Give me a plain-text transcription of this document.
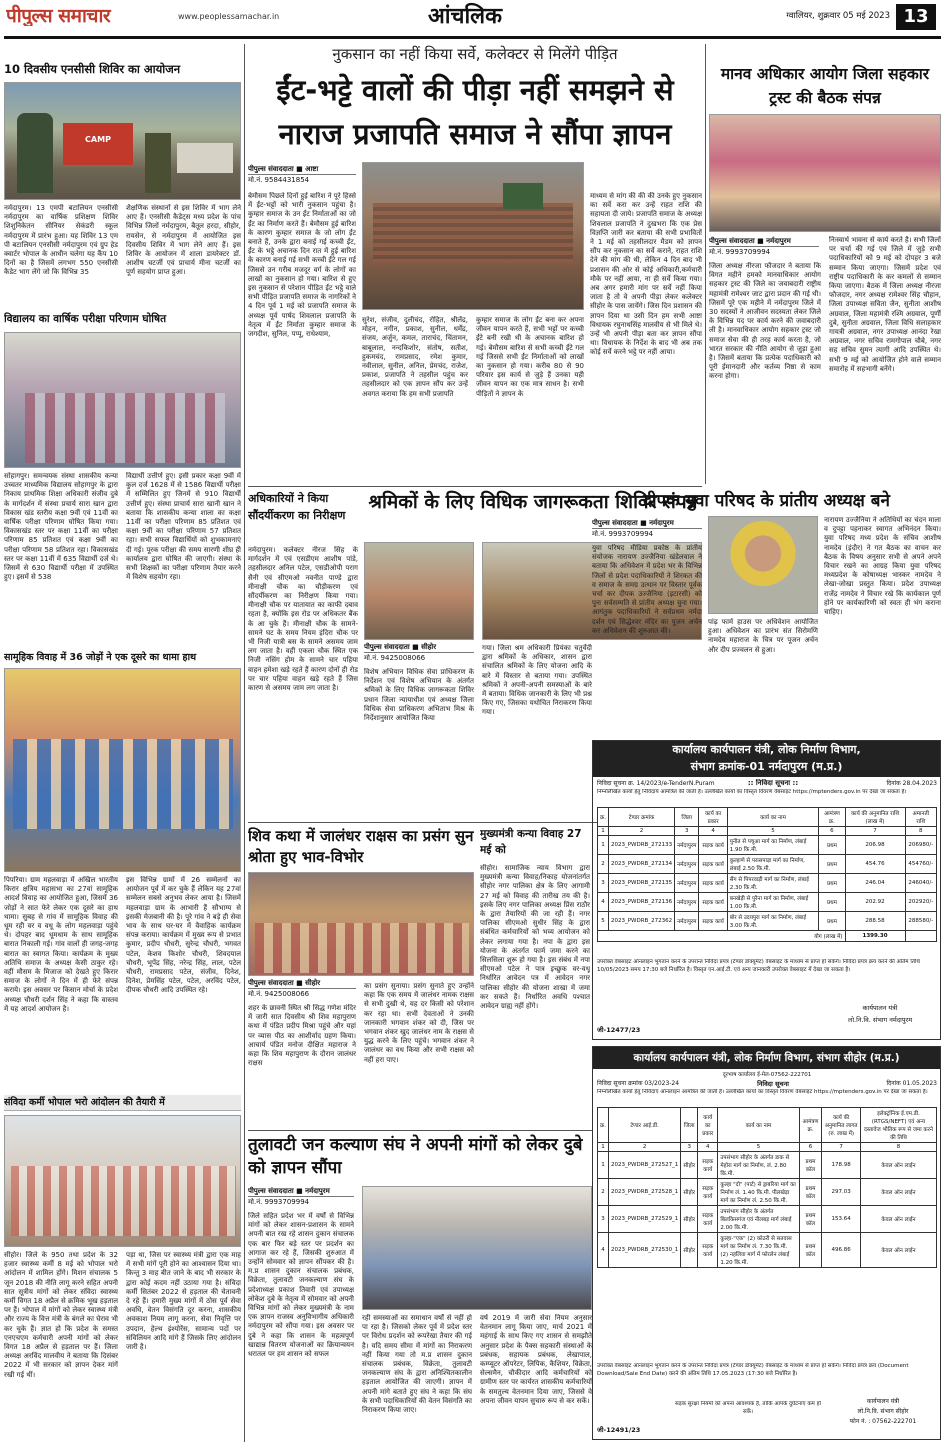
पीपुल्स समाचार	www.peoplessamachar.in	आंचलिक	ग्वालियर, शुक्रवार 05 मई 2023 13
10 दिवसीय एनसीसी शिविर का आयोजन
CAMP
नर्मदापुरम। 13 एमपी बटालियन एनसीसी नर्मदापुरम का वार्षिक प्रशिक्षण शिविर शिशुनिकेतन सीनियर सेकंडरी स्कूल नर्मदापुरम में प्रारंभ हुआ। यह शिविर 13 एम पी बटालियन एनसीसी नर्मदापुरम एवं ग्रुप हेड क्वार्टर भोपाल के आधीन चलेगा यह कैंप 10 दिनों का है जिसमें लगभग 550 एनसीसी कैडेट भाग लेंगे जो कि विभिन्न 35
शैक्षणिक संस्थानों से इस शिविर में भाग लेने आए हैं। एनसीसी कैडेट्स मध्य प्रदेश के पांच विभिन्न जिलों नर्मदापुरम, बैतूल हरदा, सीहोर, रायसेन, से नर्मदापुरम में आयोजित इस दिवसीय शिविर में भाग लेने आए हैं। इस शिविर के आयोजन में शाला डायरेक्टर डॉ. आशीष चटर्जी एवं प्राचार्य मीना चटर्जी का पूर्ण सहयोग प्राप्त हुआ।
विद्यालय का वार्षिक परीक्षा परिणाम घोषित
सोहागपुर। समन्वयक संस्था शासकीय कन्या उच्चतर माध्यमिक विद्यालय सोहागपुर के द्वारा निकाय प्राथमिक शिक्षा अधिकारी संजीव दुबे के मार्गदर्शन में संस्था प्रचार्य सारा खान द्वारा विकास खंड स्तरीय कक्षा 9वीं एवं 11वीं का वार्षिक परीक्षा परिणाम घोषित किया गया। विकासखंड स्तर पर कक्षा 11वीं का परीक्षा परिणाम 85 प्रतिशत एवं कक्षा 9वीं का परीक्षा परिणाम 58 प्रतिशत रहा। विकासखंड स्तर पर कक्षा 11वीं में 635 विद्यार्थी दर्ज थे। जिसमें से 630 विद्यार्थी परीक्षा में उपस्थित हुए। इसमें से 538
विद्यार्थी उत्तीर्ण हुए। इसी प्रकार कक्षा 9वीं में कुल दर्ज 1628 में से 1586 विद्यार्थी परीक्षा में सम्मिलित हुए जिनमें से 910 विद्यार्थी उत्तीर्ण हुए। संस्था प्राचार्य सारा खानी खान ने बताया कि शासकीय कन्या शाला का कक्षा 11वीं का परीक्षा परिणाम 85 प्रतिशत एवं कक्षा 9वीं का परीक्षा परिणाम 57 प्रतिशत रहा। सभी सफल विद्यार्थियों को शुभकामनाएं दी गई। पूरक परीक्षा की समय सारणी शीघ्र ही कार्यालय द्वारा घोषित की जाएगी। संस्था के सभी शिक्षकों का परीक्षा परिणाम तैयार करने में विशेष सहयोग रहा।
सामूहिक विवाह में 36 जोड़ों ने एक दूसरे का थामा हाथ
पिपरिया। ग्राम महलवाड़ा में अखिल भारतीय किरार क्षत्रिय महासभा का 27वां सामूहिक आदर्श विवाह का आयोजित हुआ, जिसमें 36 जोड़ों ने सात फेरे लेकर एक दूसरे का हाथ थामा। सुबह से गांव में सामूहिक विवाह की धूम रही वर व वधू के लोग महलवाड़ा पहुंचे थे। दोपहर बाद धूमधाम के साथ सामूहिक बारात निकाली गई। गांव वालों ही जगह-जगह बारात का स्वागत किया। कार्यक्रम के मुख्य अतिथि समाज के अध्यक्ष केसी ठाकुर रहे। वहीं मौसम के मिजाज को देखते हुए किरार समाज के लोगों ने दिन में ही फेरे संपन्न कराये। इस अवसर पर किसान मोर्चा के प्रदेश अध्यक्ष चौधरी दर्शन सिंह ने कहा कि वास्तव में यह आदर्श आयोजन है।
इस विभिन्न ग्रामों में 26 सम्मेलनों का आयोजन पूर्व में कर चुके हैं लेकिन यह 27वां सम्मेलन सबसे अनुभव लेकर आया है। जिसमें महलवाड़ा ग्राम के आभारी हैं सौभाग्य से इसकी मेजबानी की है। पूरे गांव ने बड़े ही सेवा भाव के साथ घर-घर में वैवाहिक कार्यक्रम संपन्न कराया। कार्यक्रम में मुख्य रूप से प्रभात कुमार, प्रदीप चौधरी, सुरेन्द्र चौधरी, भगवत पटेल, केशव किशोर चौधरी, शिवदयाल चौधरी, भूपेंद्र सिंह, नरेन्द्र सिंह, लाल, पटेल चौधरी, रामप्रसाद पटेल, संजीव, दिनेश, दिनेश, प्रेमसिंह पटेल, पटेल, अरविंद पटेल, दीपक चौधरी आदि उपस्थित रहे।
संविदा कर्मी भोपाल भरो आंदोलन की तैयारी में
सीहोर। जिले के 950 तथा प्रदेश के 32 हजार स्वास्थ्य कर्मी 8 मई को भोपाल भरो आंदोलन में शामिल होंगे। मिशन संचालक 5 जून 2018 की नीति लागू करने सहित अपनी सात सूत्रीय मांगों को लेकर संविदा स्वास्थ्य कर्मी विगत 18 अप्रैल से क्रमिक भूख हड़ताल पर हैं। भोपाल में मांगों को लेकर स्वास्थ्य मंत्री और राज्य के वित्त मंत्री के बंगले का घेराव भी कर चुके हैं। ज्ञात हो कि प्रदेश के समस्त एनएचएम कर्मचारी अपनी मांगों को लेकर विगत 18 अप्रैल से हड़ताल पर हैं। जिला अध्यक्ष अरविंद मालवीय ने बताया कि दिसंबर 2022 में भी सरकार को ज्ञापन देकर मांगें रखी गई थीं।
पड़ा था, जिस पर स्वास्थ्य मंत्री द्वारा एक माह में सभी मांगें पूरी होने का आश्वासन दिया था। किन्तु 3 माह बीत जाने के बाद भी सरकार के द्वारा कोई कदम नहीं उठाया गया है। संविदा कर्मी सितंबर 2022 से हड़ताल की चेतावनी दे रहे हैं। हमारी मुख्य मांगों में ठोस पूर्व सेवा अवधि, वेतन विसंगति दूर करना, शासकीय अवकाश नियम लागू करना, सेवा निवृत्ति पर उपदान, हेल्थ इंश्योरेंस, सामान्य पदों पर संविलियन आदि मांगे हैं जिसके लिए आंदोलन जारी है।
नुकसान का नहीं किया सर्वे, कलेक्टर से मिलेंगे पीड़ित
ईंट-भट्टे वालों की पीड़ा नहीं समझने से नाराज प्रजापति समाज ने सौंपा ज्ञापन
पीपुल्स संवाददाता ■ आष्टा
मो.नं. 9584431854
बेमौसम पिछले दिनों हुई बारिश ने पूरे हिस्से में ईंट-भट्टों को भारी नुकसान पहुंचा है। कुम्हार समाज के उन ईंट निर्माताओं का जो ईंट का निर्माण करते हैं। बेमौसम हुई बारिश के कारण कुम्हार समाज के जो लोग ईंट बनाते हैं, उनके द्वारा बनाई गई कच्ची ईंट, ईंट के भट्ठे अचानक दिन रात में हुई बारिश के कारण बनाई गई सभी कच्ची ईंटे गल गई जिससे उन गरीब मजदूर वर्ग के लोगों का लाखों का नुकसान हो गया। बारिश से हुए इस नुकसान से परेशान पीड़ित ईंट भट्ठे वाले सभी पीड़ित प्रजापति समाज के नागरिकों ने 4 दिन पूर्व 1 मई को प्रजापति समाज के अध्यक्ष पूर्व पार्षद शिवलाल प्रजापति के नेतृत्व में ईंट निर्माता कुम्हार समाज के जगदीश, सुनिल, पप्पू, राधेश्याम,
सुरेश, संजीव, दुलीचंद, रोहित, श्रीलेंद्र, मोहन, नगीन, प्रकाश, सुनील, धर्मेंद्र, संजय, अर्जुन, कमल, ताराचंद, चिंतामन, बाबूलाल, नन्दकिशोर, संतोष, सतीश, हुकमचंद, रामप्रसाद, रमेश कुमार, नवीलाल, सुनील, अनिल, प्रेमचंद, राजेश, प्रकाश, प्रजापति ने तहसील पहुंच कर तहसीलदार को एक ज्ञापन सौंप कर उन्हें अवगत कराया कि हम सभी प्रजापति
कुम्हार समाज के लोग ईंट बना कर अपना जीवन यापन करते हैं, सभी भट्टों पर कच्ची ईंटे बनी रखी थी के अचानक बारिश हो गई। बेमौसम बारिश से सभी कच्ची ईंटे गल गई जिससे सभी ईंट निर्माताओं को लाखों का नुकसान हो गया। करीब 80 से 90 परिवार इस कार्य से जुड़े हैं उनका यही जीवन यापन का एक मात्र साधन है। सभी पीड़ितों ने ज्ञापन के
माध्यम से मांग की की की उनके हुए नुकसान का सर्वे करा कर उन्हें राहत राशि की सहायता दी जाये। प्रजापति समाज के अध्यक्ष शिवलाल प्रजापति ने दुखभरा कि एक प्रेस विज्ञप्ति जारी कर बताया की सभी प्रभावितों ने 1 मई को तहसीलदार मैडम को ज्ञापन सौंप कर नुकसान का सर्वे कराने, राहत राशि देने की मांग की थी, लेकिन 4 दिन बाद भी प्रशासन की ओर से कोई अधिकारी,कर्मचारी मौके पर नहीं आया, ना ही सर्वे किया गया। अब अगर हमारी मांग पर सर्वे नहीं किया जाता है तो वे अपनी पीड़ा लेकर कलेक्टर सीहोर के पास जायेंगे। जिस दिन प्रशासन की ज्ञापन दिया था उसी दिन हम सभी आष्टा विधायक रघुनाथसिंह मालवीय से भी मिले थे। उन्हें भी अपनी पीड़ा बता कर ज्ञापन सौंपा था। विधायक के निर्देश के बाद भी अब तक कोई सर्वे करने भट्ठे पर नहीं आया।
अधिकारियों ने किया सौंदर्यीकरण का निरीक्षण
नर्मदापुरम। कलेक्टर नीरज सिंह के मार्गदर्शन में एवं एसडीएम आशीष पांडे, तहसीलदार अनिल पटेल, एसडीओपी पराग सैनी एवं सीएमओ नवनीत पाण्डे द्वारा मीनाक्षी चौक का चौड़ीकरण एवं सौंदर्यीकरण का निरीक्षण किया गया। मीनाक्षी चौक पर यातायात का काफी दबाव रहता है, क्योंकि इस रोड पर अधिकतर बैंक के आ चुके हैं। मीनाक्षी चौक के सामने-सामने घट के समय नियम इंदिरा चौक पर भी निजी यात्री बस के सामने असमय जाम लग जाता है। वहीं एकला चौक स्थित एक निजी नसिंग होम के सामने चार पहिया वाहन हमेशा खड़े रहते हैं कारण दोनों ही रोड पर चार पहिया वाहन खड़े रहते हैं जिस कारण से असमय जाम लग जाता है।
श्रमिकों के लिए विधिक जागरूकता शिविर संपन्न
पीपुल्स संवाददाता ■ सीहोर
मो.नं. 9425008066
विशेष अभियान विधिक सेवा प्राधिकरण के निर्देशन एवं विशेष अभियान के अंतर्गत श्रमिकों के लिए विधिक जागरूकता शिविर प्रधान जिला न्यायाधीश एवं अध्यक्ष जिला विधिक सेवा प्राधिकरण अभिताभ मिश्र के निर्देशानुसार आयोजित किया
गया। जिला श्रम अधिकारी प्रियंका चतुर्वेदी द्वारा श्रमिकों के अधिकार, शासन द्वारा संचालित श्रमिकों के लिए योजना आदि के बारे में विस्तार से बताया गया। उपस्थित श्रमिकों ने अपनी-अपनी समस्याओं के बारे में बताया। विधिक जानकारी के लिए भी प्रश्न किए गए, जिसका यथोचित निराकरण किया गया।
शिव कथा में जालंधर राक्षस का प्रसंग सुन श्रोता हुए भाव-विभोर
पीपुल्स संवाददाता ■ सीहोर
मो.नं. 9425008066
शहर के छावनी स्थित श्री सिद्ध गणेश मंदिर में जारी सात दिवसीय श्री शिव महापुराण कथा में पंडित प्रदीप मिश्रा पहुंचे और यहां पर व्यास पीठ का आशीर्वाद ग्रहण किया। आचार्य पंडित मनोज दीक्षित महाराज ने कहा कि शिव महापुराण के दौरान जालंधर राक्षस
का प्रसंग सुनाया। प्रसंग सुनाते हुए उन्होंने कहा कि एक समय में जालंधर नामक राक्षस से सभी दुखी थे, यह दर किसी को परेशान कर रहा था। सभी देवताओं ने उनकी जानकारी भगवान शंकर को दी, जिस पर भगवान शंकर खुद जालंधर नाम के राक्षस से युद्ध करने के लिए पहुंचे। भगवान शंकर ने जालंधर का वध किया और सभी राक्षस को नहीं हरा पाए।
मुख्यमंत्री कन्या विवाह 27 मई को
सीहोर। सामाजिक न्याय विभाग द्वारा मुख्यमंत्री कन्या विवाह/निकाह योजनांतर्गत सीहोर नगर पालिका क्षेत्र के लिए आगामी 27 मई को विवाह की तारीख तय की है। इसके लिए नगर पालिका अध्यक्ष प्रिंस राठौर के द्वारा तैयारियों की जा रही हैं। नगर पालिका सीएमओ सुधीर सिंह के द्वारा संबंधित कर्मचारियों को भव्य आयोजन को लेकर लगाया गया है। नपा के द्वारा इस योजना के अंतर्गत फार्म जमा करने का सिलसिला शुरू हो गया है। इस संबंध में नपा सीएमओ पटेल ने पात्र इच्छुक वर-वधू निर्धारित आवेदन पत्र में आवेदन नगर पालिका सीहोर की योजना शाखा में जमा कर सकते हैं। निर्धारित अवधि पश्चात आवेदन ग्राह्य नहीं होंगे।
तुलावटी जन कल्याण संघ ने अपनी मांगों को लेकर दुबे को ज्ञापन सौंपा
पीपुल्स संवाददाता ■ नर्मदापुरम
मो.नं. 9993709994
जिले सहित प्रदेश भर में वर्षों से विभिन्न मांगों को लेकर शासन-प्रशासन के सामने अपनी बात रख रहे शासन दुकान संचालक एक बार फिर बड़े स्तर पर प्रदर्शन का आगाज कर रहे हैं, जिसकी शुरुआत में उन्होंने सोमवार को ज्ञापन सौंपकर की है। म.प्र शासन दुकान संचालक प्रबंधक, विक्रेता, तुलावटी जनकल्याण संघ के प्रदेशाध्यक्ष प्रकाश तिवारी एवं उपाध्यक्ष लोकेश दुबे के नेतृत्व में सोमवार को अपनी विभिन्न मांगों को लेकर मुख्यमंत्री के नाम एक ज्ञापन राजस्व अनुविभागीय अधिकारी नर्मदापुरम को सौंपा गया। इस अवसर पर दुबे ने कहा कि शासन के महत्वपूर्ण खाद्यान्न वितरण योजनाओं का क्रियान्वयन धरातल पर हम शासन को सफल
रही समस्याओं का समाधान वर्षों से नहीं हो पा रहा है। जिसको लेकर पूर्व में प्रदेश स्तर पर विरोध प्रदर्शन को रूपरेखा तैयार की गई है। यदि समय सीमा में मांगों का निराकरण नहीं किया गया तो म.प्र शासन दुकान संचालक प्रबंधक, विक्रेता, तुलावटी जनकल्याण संघ के द्वारा अनिश्चितकालीन हड़ताल आयोजित की जाएगी। ज्ञापन में अपनी मांगे बताते हुए संघ ने कहा कि संघ के सभी पदाधिकारियों की वेतन विसंगति का निराकरण किया जाए।
वर्ष 2019 में जारी सेवा नियम अनुसार वेतनमान लागू किया जाए, मार्च 2021 में महंगाई के साथ किए गए शासन से समझौते अनुसार प्रदेश के पैक्स सहकारी संस्थाओं के प्रबंधक, सहायक प्रबंधक, लेखापाल, कम्प्यूटर ऑपरेटर, लिपिक, कैशियर, विक्रेता, सेल्समैन, चौकीदार आदि कर्मचारियों को ग्रामीण स्तर पर कार्यरत शासकीय कर्मचारियों के समतुल्य वेतनमान दिया जाए, जिससे वे अपना जीवन यापन सुचारु रूप से कर सकें।
मानव अधिकार आयोग जिला सहकार ट्रस्ट की बैठक संपन्न
पीपुल्स संवाददाता ■ नर्मदापुरम
मो.नं. 9993709994
जिला अध्यक्ष नीरजा फौजदार ने बताया कि विगत महीने हमको मानवाधिकार आयोग सहकार ट्रस्ट की जिले का जवाबदारी राष्ट्रीय महामंत्री रामेश्वर जाट द्वारा प्रदान की गई थी। जिसमें पूरे एक महीने में नर्मदापुरम जिले में 30 सदस्यों ने आजीवन सदस्यता लेकर जिले के विभिन्न पद पर कार्य करने की जवाबदारी ली है। मानवाधिकार आयोग सहकार ट्रस्ट जो समाज सेवा की ही तरह कार्य करता है, जो भारत सरकार की नीति आयोग से जुड़ा हुआ है। जिसमें बताया कि प्रत्येक पदाधिकारी को पूरी ईमानदारी और कर्तव्य निष्ठा से काम करना होगा।
निःस्वार्थ भावना से कार्य करते है। सभी जिलों पर चर्चा की गई एवं जिले में जुड़े सभी पदाधिकारियों को 9 मई को दोपहर 3 बजे सम्मान किया जाएगा। जिसमें प्रदेश एवं राष्ट्रीय पदाधिकारी के कर कमलों से सम्मान किया जाएगा। बैठक में जिला अध्यक्ष नीरजा फौजदार, नगर अध्यक्ष रामेश्वर सिंह चौहान, जिला उपाध्यक्ष सविता जैन, सुनीता आशीष अग्रवाल, जिला महामंत्री रश्मि अग्रवाल, पूर्णी दुबे, सुनीता अग्रवाल, जिला विधि सलाहकार गायत्री अग्रवाल, नगर उपाध्यक्ष आनंदा रेखा अग्रवाल, नगर सचिव रामगोपाल चौबे, नगर सह सचिव सुमन त्यागी आदि उपस्थित थे। सभी 9 मई को आयोजित होने वाले सम्मान समारोह में सहभागी बनेंगे।
दीपक युवा परिषद के प्रांतीय अध्यक्ष बने
पीपुल्स संवाददाता ■ नर्मदापुरम
मो.नं. 9993709994
युवा परिषद मीडिया प्रकोष्ठ के प्रांतीय संयोजक नारायण उज्जैनिया खंडेलवाल ने बताया कि अधिवेशन में प्रदेश भर के विभिन्न जिलों से प्रदेश पदाधिकारियों ने शिरकत की व समाज के समग्र उत्थान पर विस्तार पूर्वक चर्चा कर दीपक उज्जैनिया (इटारसी) को पुनः सर्वसम्मति से प्रांतीय अध्यक्ष चुना गया। आगंतुक पदाधिकारियों ने सर्वप्रथम नर्मदा दर्शन एवं सिद्धेश्वर मंदिर का पूजन अर्चन कर अधिवेशन की शुरुआत की।
पांढ़ फार्म हाउस पर अधिवेशन आयोजित हुआ। अधिवेशन का प्रारंभ संत सिरोमणि नामदेव महाराज के चित्र पर पूजन अर्चन और दीप प्रज्वलन से हुआ।
नारायण उज्जैनिया ने अतिथियों का चंदन माला व दुपट्टा पहनाकर स्वागत अभिनंदन किया। युवा परिषद मध्य प्रदेश के संचिव आशीष नामदेव (इंदौर) ने गत बैठक का वाचन कर बैठक के विषय अनुसार सभी से अपने अपने विचार रखने का आग्रह किया युवा परिषद मध्यप्रदेश के कोषाध्यक्ष भास्कर नामदेव ने लेखा-जोखा प्रस्तुत किया। प्रदेश उपाध्यक्ष राजेंद्र नामदेव ने विचार रखे कि कार्यकाल पूर्ण होने पर कार्यकारिणी को स्वतः ही भंग कराना चाहिए।
कार्यालय कार्यपालन यंत्री, लोक निर्माण विभाग,
संभाग क्रमांक-01 नर्मदापुरम (म.प्र.)
निविदा सूचना क्र. 14/2023/e-TenderN.Puram	:: निविदा सूचना ::	दिनांक 28.04.2023
निम्नलिखित कार्यों हेतु निविदायें आमंत्रित की जाती है। उल्लेखित कार्यों का विस्तृत विवरण वेबसाइट https://mptenders.gov.in पर देखा जा सकता है।
क्र.	टेण्डर क्रमांक	जिला	कार्य का प्रकार	कार्य का नाम	आमंत्रण क्र.	कार्य की अनुमानित राशि (लाख में)	अमानती राशि
1	2	3	4	5	6	7	8
1	2023_PWDRB_272133	नर्मदापुरम	सड़क कार्य	पुनीत से पचूआ मार्ग का निर्माण, लंबाई 1.90 कि.मी.	प्रथम	206.98	206980/-
2	2023_PWDRB_272134	नर्मदापुरम	सड़क कार्य	कुल्हाणे से परासपाड़ा मार्ग का निर्माण, लंबाई 2.50 कि.मी.	प्रथम	454.76	454760/-
3	2023_PWDRB_272135	नर्मदापुरम	सड़क कार्य	सैंग से पिपरवाड़ी मार्ग का निर्माण, लंबाई 2.30 कि.मी.	प्रथम	246.04	246040/-
4	2023_PWDRB_272136	नर्मदापुरम	सड़क कार्य	बनखेड़ी से पुरैना मार्ग का निर्माण, लंबाई 1.00 कि.मी.	प्रथम	202.92	202920/-
5	2023_PWDRB_272362	नर्मदापुरम	सड़क कार्य	बोर से उदयपुरा मार्ग का निर्माण, लंबाई 3.00 कि.मी.	प्रथम	288.58	288580/-
योग (लाख में)						1399.30	
उपरोक्त वेबसाइट ऑनलाइन भुगतान करने के उपरान्त निविदा प्रपत्र (टेण्डर डॉक्यूमेंट) वेबसाइट के माध्यम से प्राप्त हो सकेंगे। निविदा प्रपत्र क्रय करने की अंतिम तिथि 10/05/2023 समय 17:30 बजे निर्धारित है। विस्तृत एन.आई.टी. एवं अन्य जानकारी उपरोक्त वेबसाइट में देखा जा सकता है।
कार्यपालन यंत्री
लो.नि.वि. संभाग नर्मदापुरम
जी-12477/23
कार्यालय कार्यपालन यंत्री, लोक निर्माण विभाग, संभाग सीहोर (म.प्र.)
दूरभाष कार्यालय ई-मेल-07562-222701
निविदा सूचना क्रमांक 03/2023-24	निविदा सूचना	दिनांक 01.05.2023
निम्नलिखित कार्यों हेतु निविदाएं ऑनलाइन आमंत्रित की जाती है। उल्लेखित कार्यों का विस्तृत विवरण वेबसाइट https://mptenders.gov.in पर देखा जा सकता है।
क्र.	टेण्डर आई.डी.	जिला	कार्य का प्रकार	कार्य का नाम	आमंत्रण क्र.	कार्य की अनुमानित लागत (रु. लाख में)	इलेक्ट्रॉनिक ई.एम.डी. (RTGS/NEFT) एवं अन्य दस्तावेज भौतिक रूप से जमा करने की तिथि
1	2	3	4	5	6	7	8
1	2023_PWDRB_272527_1	सीहोर	सड़क कार्य	उपसंभाग सीहोर के अंतर्गत डाक से मेहोरा मार्ग का निर्माण, लं. 2.80 कि.मी.	प्रथम कॉल	178.98	केवल ऑन लाईन
2	2023_PWDRB_272528_1	सीहोर	सड़क कार्य	कुल्हा "दो" (पार्ट) से ड्राबरिया मार्ग का निर्माण लं. 1.40 कि.मी. पीलखेड़ा मार्ग का निर्माण लं. 2.50 कि.मी.	प्रथम कॉल	297.03	केवल ऑन लाईन
3	2023_PWDRB_272529_1	सीहोर	सड़क कार्य	उपसंभाग सीहोर के अंतर्गत बिलकिसगंज एवं नीलबड़ मार्ग लंबाई 2.00 कि.मी.	प्रथम कॉल	153.64	केवल ऑन लाईन
4	2023_PWDRB_272530_1	सीहोर	सड़क कार्य	कुल्हा-"एक" (2) कोठरी से सतवास मार्ग का निर्माण लं. 7.30 कि.मी. (2) नहलिवा मार्ग में फोरलेन लंबाई 1.20 कि.मी.	प्रथम कॉल	496.86	केवल ऑन लाईन
उपरोक्त वेबसाइट ऑनलाइन भुगतान करने के उपरान्त निविदा प्रपत्र (टेण्डर डॉक्यूमेंट) वेबसाइट के माध्यम से प्राप्त हो सकेंगे। निविदा प्रपत्र क्रय (Document Download/Sale End Date) करने की अंतिम तिथि 17.05.2023 (17:30 बजे निर्धारित है।
सड़क सुरक्षा नियमों को अपना आवश्यक है, ताकि आपके दुर्घटनाएं कम हो सकें।
कार्यपालन यंत्री
लो.नि.वि. संभाग सीहोर
फोन नं. : 07562-222701
जी-12491/23
